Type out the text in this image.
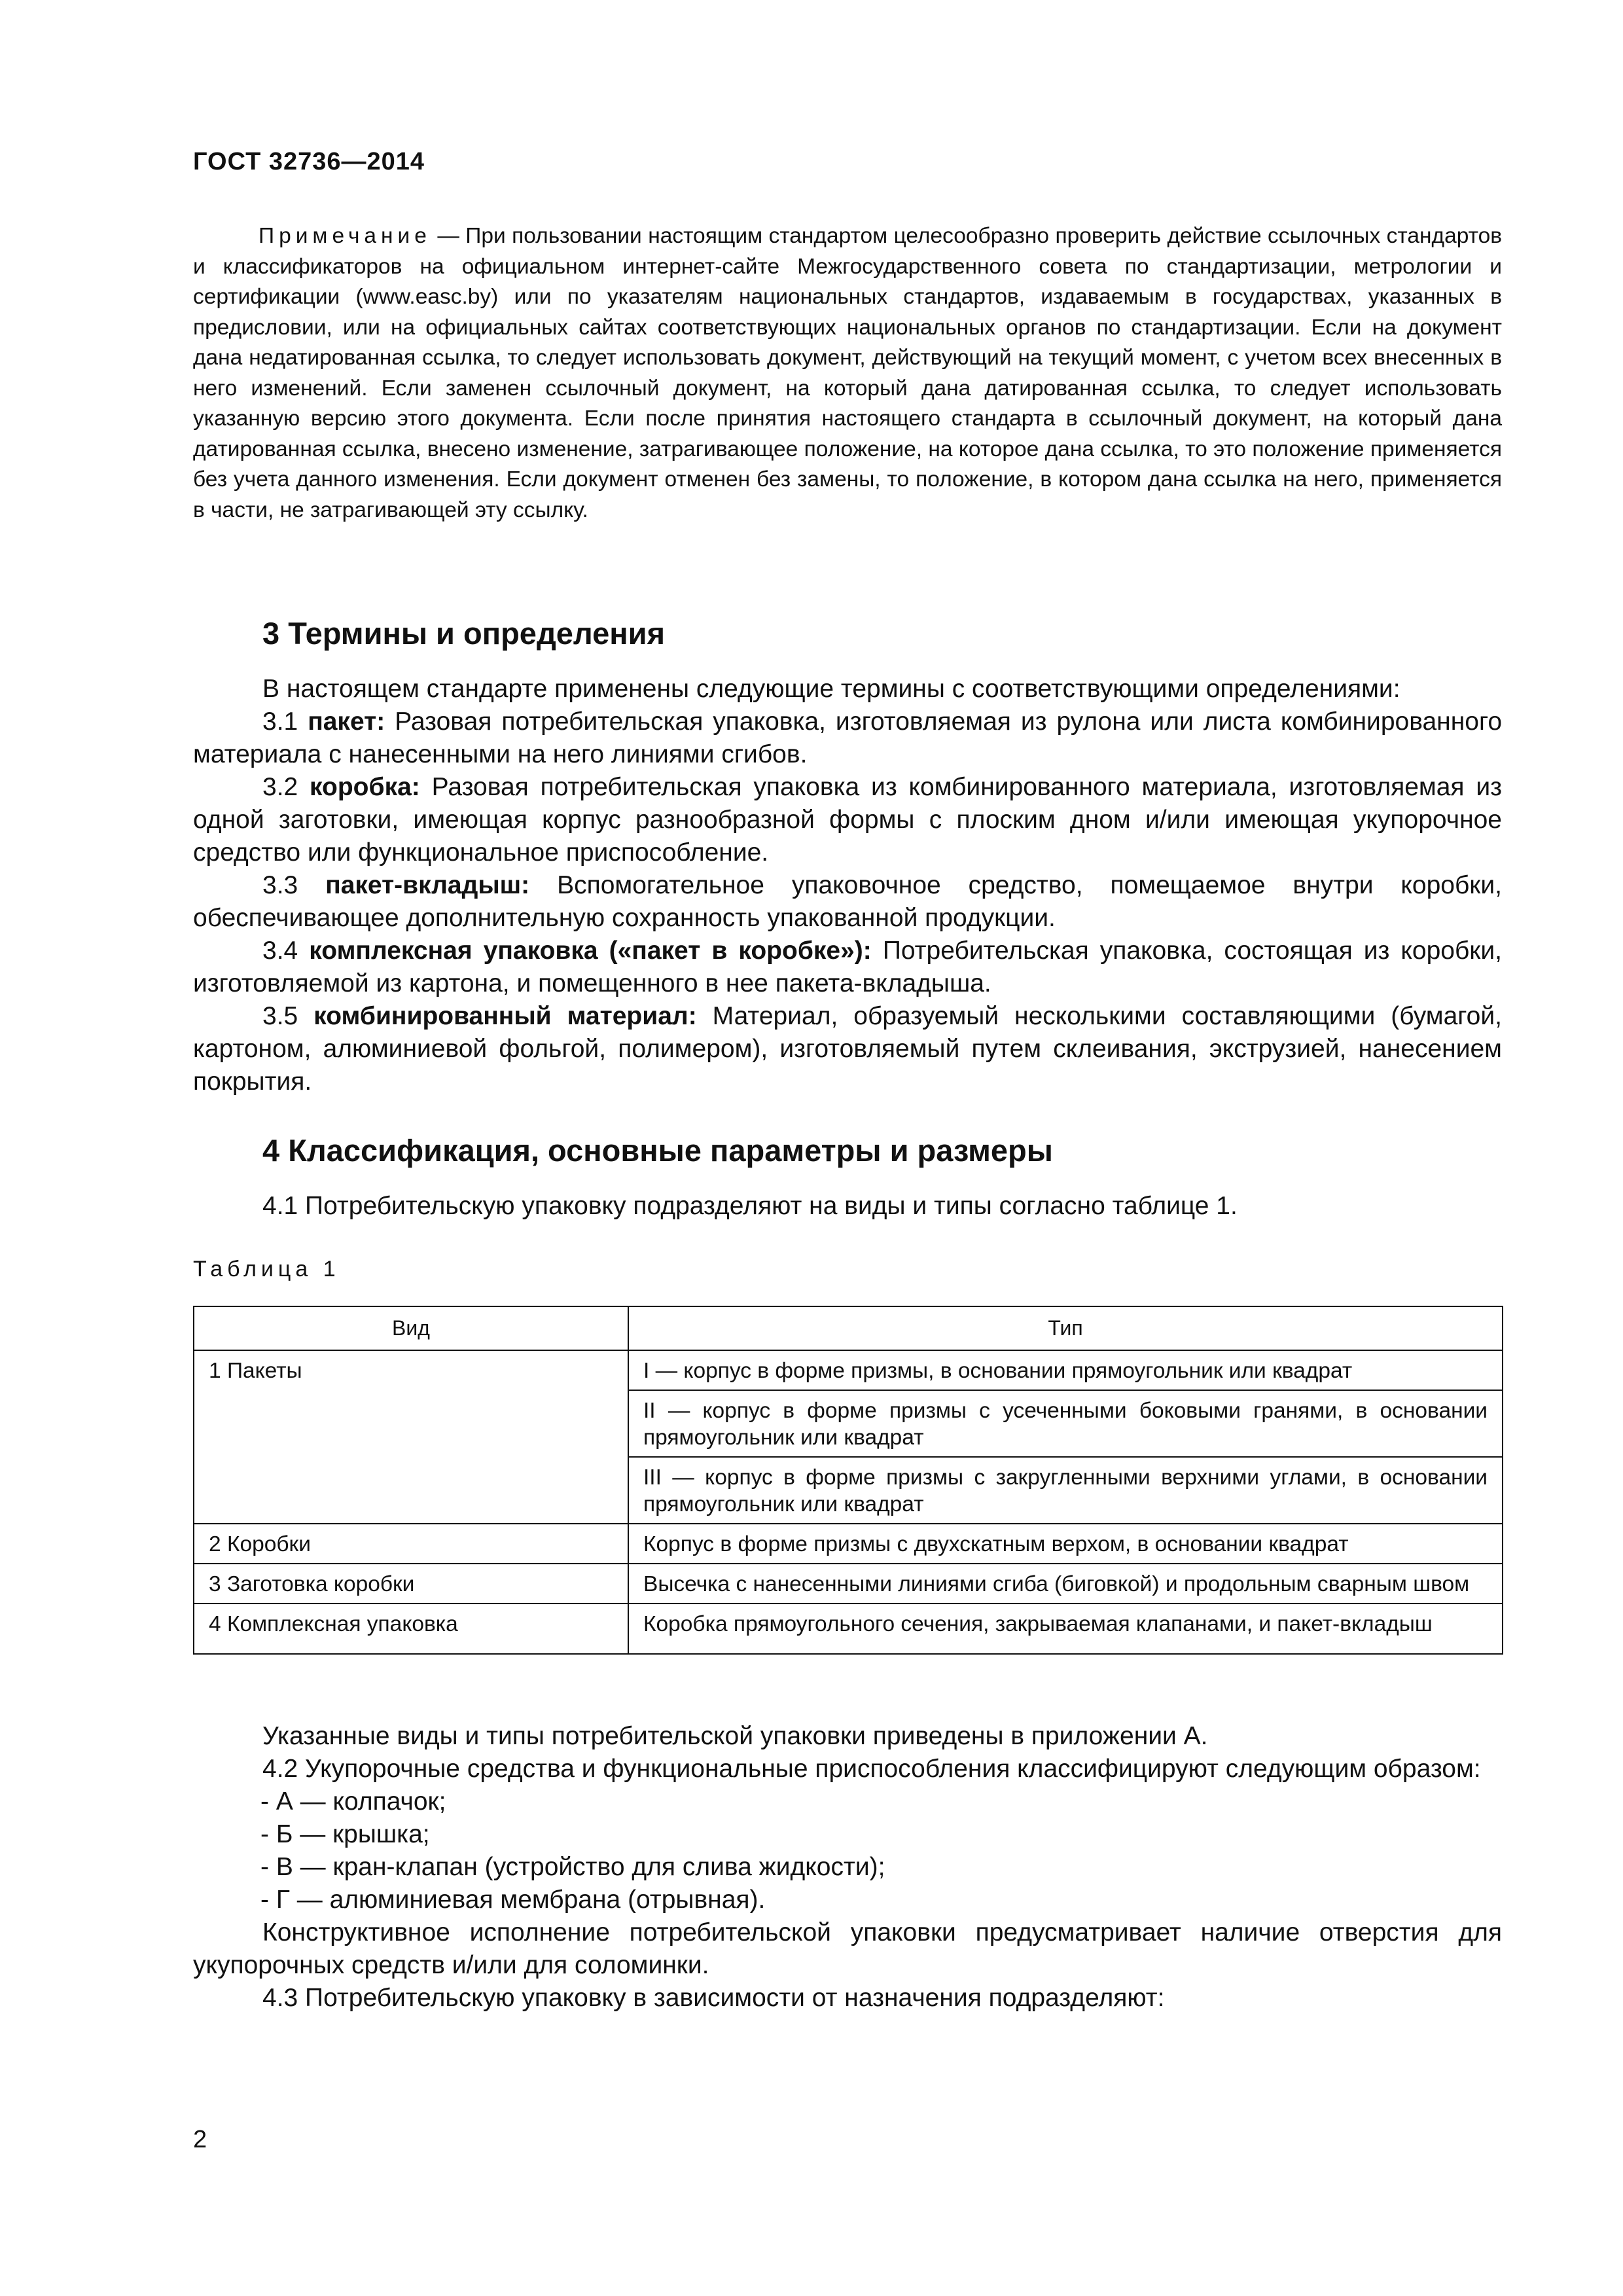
ГОСТ 32736—2014

Примечание — При пользовании настоящим стандартом целесообразно проверить действие ссылочных стандартов и классификаторов на официальном интернет-сайте Межгосударственного совета по стандартизации, метрологии и сертификации (www.easc.by) или по указателям национальных стандартов, издаваемым в государствах, указанных в предисловии, или на официальных сайтах соответствующих национальных органов по стандартизации. Если на документ дана недатированная ссылка, то следует использовать документ, действующий на текущий момент, с учетом всех внесенных в него изменений. Если заменен ссылочный документ, на который дана датированная ссылка, то следует использовать указанную версию этого документа. Если после принятия настоящего стандарта в ссылочный документ, на который дана датированная ссылка, внесено изменение, затрагивающее положение, на которое дана ссылка, то это положение применяется без учета данного изменения. Если документ отменен без замены, то положение, в котором дана ссылка на него, применяется в части, не затрагивающей эту ссылку.

3 Термины и определения

В настоящем стандарте применены следующие термины с соответствующими определениями:

3.1 пакет: Разовая потребительская упаковка, изготовляемая из рулона или листа комбинированного материала с нанесенными на него линиями сгибов.

3.2 коробка: Разовая потребительская упаковка из комбинированного материала, изготовляемая из одной заготовки, имеющая корпус разнообразной формы с плоским дном и/или имеющая укупорочное средство или функциональное приспособление.

3.3 пакет-вкладыш: Вспомогательное упаковочное средство, помещаемое внутри коробки, обеспечивающее дополнительную сохранность упакованной продукции.

3.4 комплексная упаковка («пакет в коробке»): Потребительская упаковка, состоящая из коробки, изготовляемой из картона, и помещенного в нее пакета-вкладыша.

3.5 комбинированный материал: Материал, образуемый несколькими составляющими (бумагой, картоном, алюминиевой фольгой, полимером), изготовляемый путем склеивания, экструзией, нанесением покрытия.

4 Классификация, основные параметры и размеры

4.1 Потребительскую упаковку подразделяют на виды и типы согласно таблице 1.

Таблица 1
Вид	Тип
1 Пакеты	I — корпус в форме призмы, в основании прямоугольник или квадрат
	II — корпус в форме призмы с усеченными боковыми гранями, в основании прямоугольник или квадрат
	III — корпус в форме призмы с закругленными верхними углами, в основании прямоугольник или квадрат
2 Коробки	Корпус в форме призмы с двухскатным верхом, в основании квадрат
3 Заготовка коробки	Высечка с нанесенными линиями сгиба (биговкой) и продольным сварным швом
4 Комплексная упаковка	Коробка прямоугольного сечения, закрываемая клапанами, и пакет-вкладыш

Указанные виды и типы потребительской упаковки приведены в приложении А.

4.2 Укупорочные средства и функциональные приспособления классифицируют следующим образом:

- А — колпачок;

- Б — крышка;

- В — кран-клапан (устройство для слива жидкости);

- Г — алюминиевая мембрана (отрывная).

Конструктивное исполнение потребительской упаковки предусматривает наличие отверстия для укупорочных средств и/или для соломинки.

4.3 Потребительскую упаковку в зависимости от назначения подразделяют:

2
